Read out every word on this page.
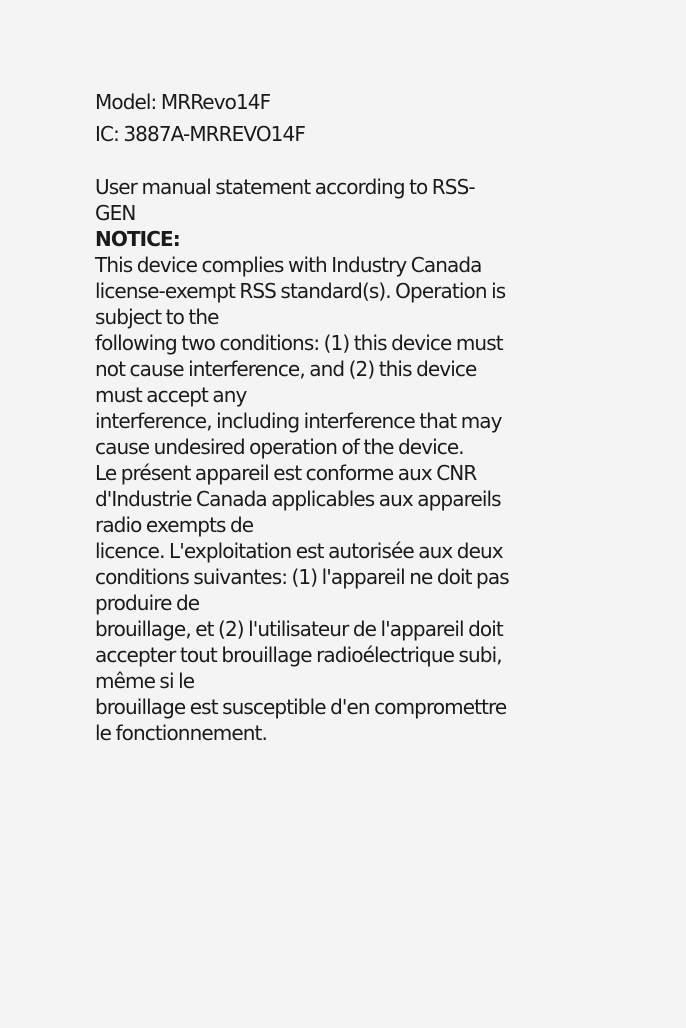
Model: MRRevo14F
IC: 3887A-MRREVO14F
User manual statement according to RSS-
GEN
NOTICE:
This device complies with Industry Canada
license-exempt RSS standard(s). Operation is
subject to the
following two conditions: (1) this device must
not cause interference, and (2) this device
must accept any
interference, including interference that may
cause undesired operation of the device.
Le présent appareil est conforme aux CNR
d'Industrie Canada applicables aux appareils
radio exempts de
licence. L'exploitation est autorisée aux deux
conditions suivantes: (1) l'appareil ne doit pas
produire de
brouillage, et (2) l'utilisateur de l'appareil doit
accepter tout brouillage radioélectrique subi,
même si le
brouillage est susceptible d'en compromettre
le fonctionnement.
